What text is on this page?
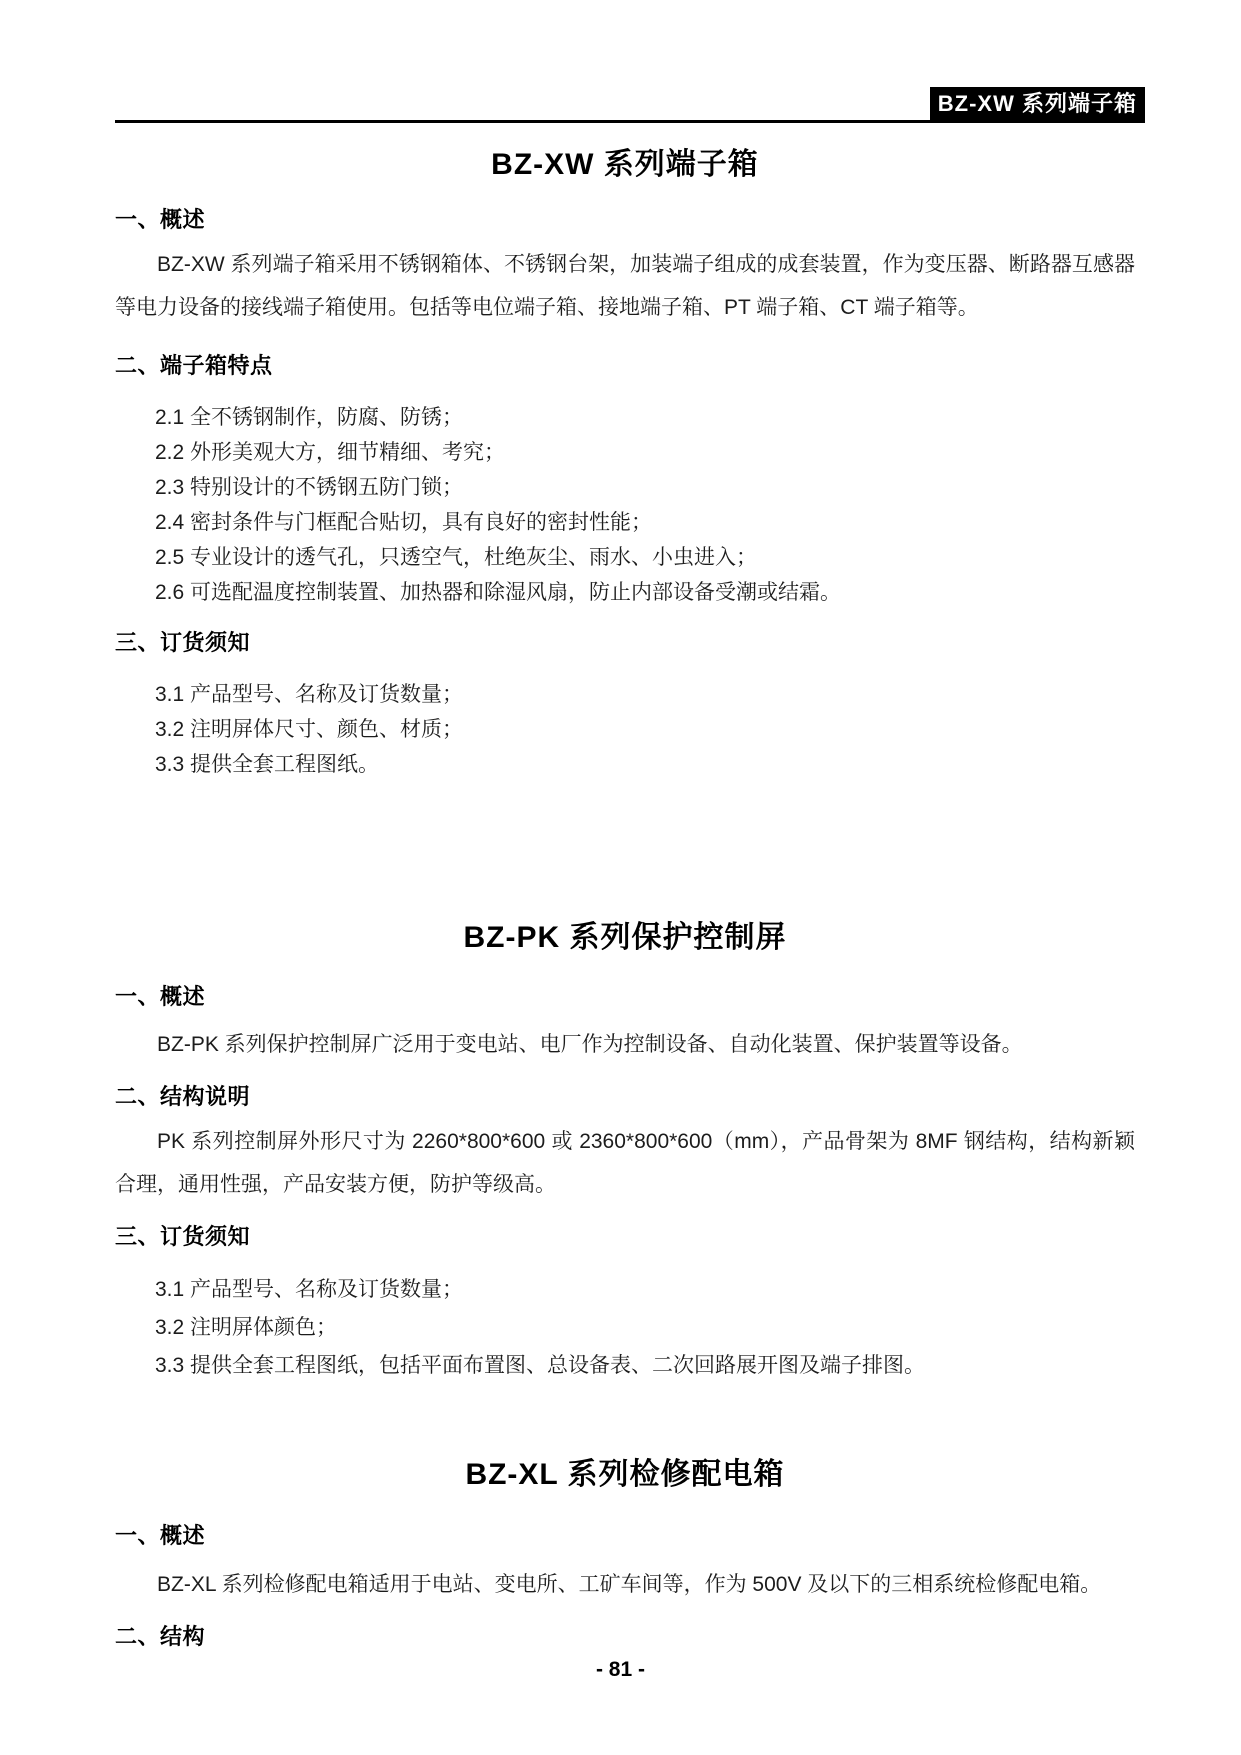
BZ-XW 系列端子箱
BZ-XW 系列端子箱
一、概述

BZ-XW 系列端子箱采用不锈钢箱体、不锈钢台架，加装端子组成的成套装置，作为变压器、断路器互感器等电力设备的接线端子箱使用。包括等电位端子箱、接地端子箱、PT 端子箱、CT 端子箱等。

二、端子箱特点
2.1 全不锈钢制作，防腐、防锈；
2.2 外形美观大方，细节精细、考究；
2.3 特别设计的不锈钢五防门锁；
2.4 密封条件与门框配合贴切，具有良好的密封性能；
2.5 专业设计的透气孔，只透空气，杜绝灰尘、雨水、小虫进入；
2.6 可选配温度控制装置、加热器和除湿风扇，防止内部设备受潮或结霜。
三、订货须知
3.1 产品型号、名称及订货数量；
3.2 注明屏体尺寸、颜色、材质；
3.3 提供全套工程图纸。
BZ-PK 系列保护控制屏
一、概述

BZ-PK 系列保护控制屏广泛用于变电站、电厂作为控制设备、自动化装置、保护装置等设备。

二、结构说明

PK 系列控制屏外形尺寸为 2260*800*600 或 2360*800*600（mm），产品骨架为 8MF 钢结构，结构新颖合理，通用性强，产品安装方便，防护等级高。

三、订货须知
3.1 产品型号、名称及订货数量；
3.2 注明屏体颜色；
3.3 提供全套工程图纸，包括平面布置图、总设备表、二次回路展开图及端子排图。
BZ-XL 系列检修配电箱
一、概述

BZ-XL 系列检修配电箱适用于电站、变电所、工矿车间等，作为 500V 及以下的三相系统检修配电箱。

二、结构
- 81 -
